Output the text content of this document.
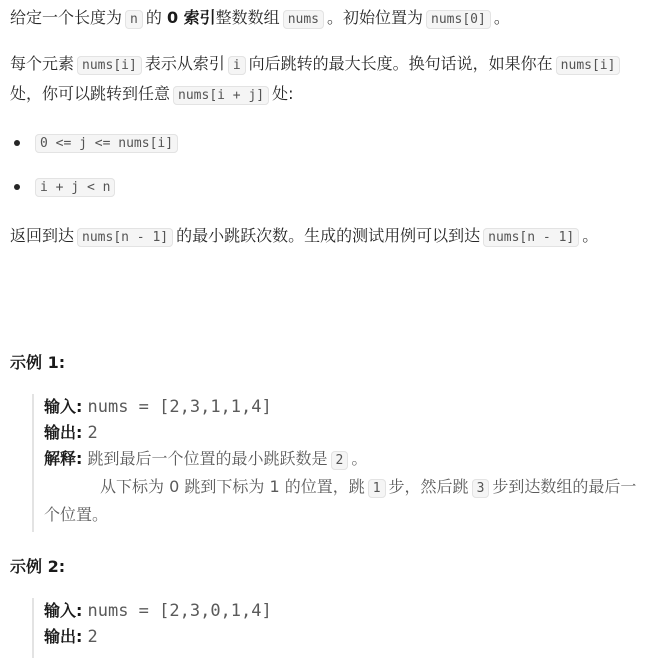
给定一个长度为 n 的 0 索引整数数组 nums 。初始位置为 nums[0] 。

每个元素 nums[i] 表示从索引 i 向后跳转的最大长度。换句话说，如果你在 nums[i]处，你可以跳转到任意 nums[i + j] 处:

0 <= j <= nums[i]
i + j < n

返回到达 nums[n - 1] 的最小跳跃次数。生成的测试用例可以到达 nums[n - 1] 。

示例 1:
输入: nums = [2,3,1,1,4]
输出: 2
解释: 跳到最后一个位置的最小跳跃数是 2 。
从下标为 0 跳到下标为 1 的位置，跳 1 步，然后跳 3 步到达数组的最后一个位置。
示例 2:
输入: nums = [2,3,0,1,4]
输出: 2
